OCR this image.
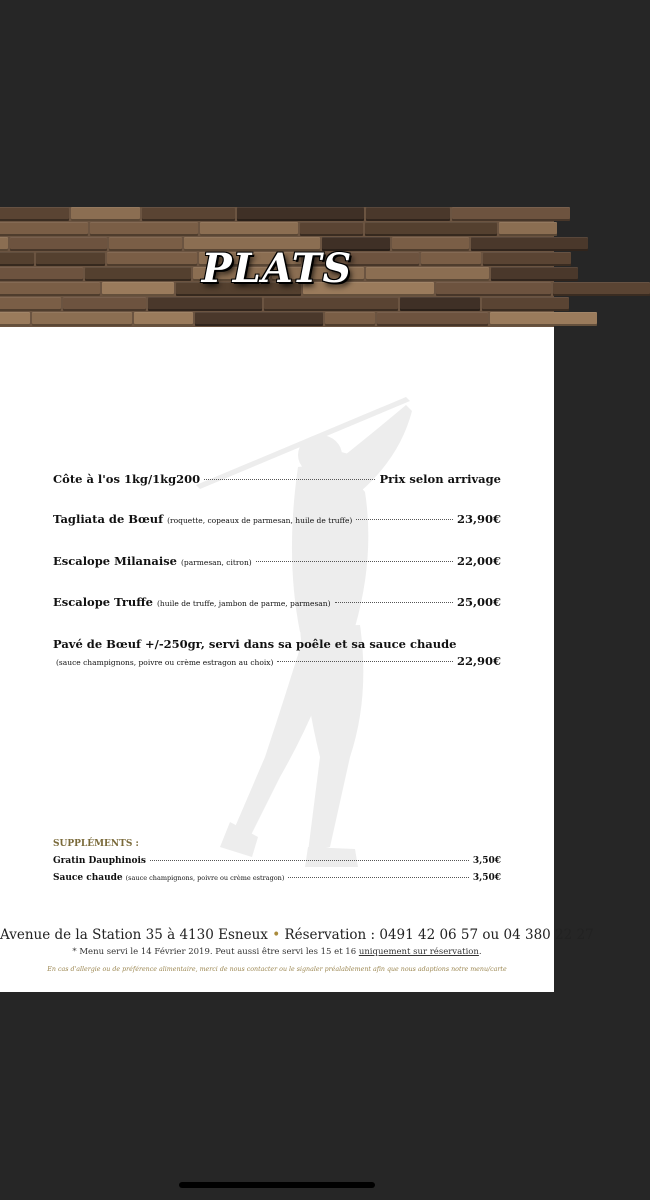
PLATS
Côte à l'os 1kg/1kg200	Prix selon arrivage
Tagliata de Bœuf (roquette, copeaux de parmesan, huile de truffe)	23,90€
Escalope Milanaise (parmesan, citron)	22,00€
Escalope Truffe (huile de truffe, jambon de parme, parmesan)	25,00€
Pavé de Bœuf +/-250gr, servi dans sa poêle et sa sauce chaude
(sauce champignons, poivre ou crème estragon au choix)	22,90€
SUPPLÉMENTS :
Gratin Dauphinois	3,50€
Sauce chaude (sauce champignons, poivre ou crème estragon)	3,50€
Avenue de la Station 35 à 4130 Esneux • Réservation : 0491 42 06 57 ou 04 380 22 27
* Menu servi le 14 Février 2019. Peut aussi être servi les 15 et 16 uniquement sur réservation.
En cas d'allergie ou de préférence alimentaire, merci de nous contacter ou le signaler préalablement afin que nous adaptions notre menu/carte
